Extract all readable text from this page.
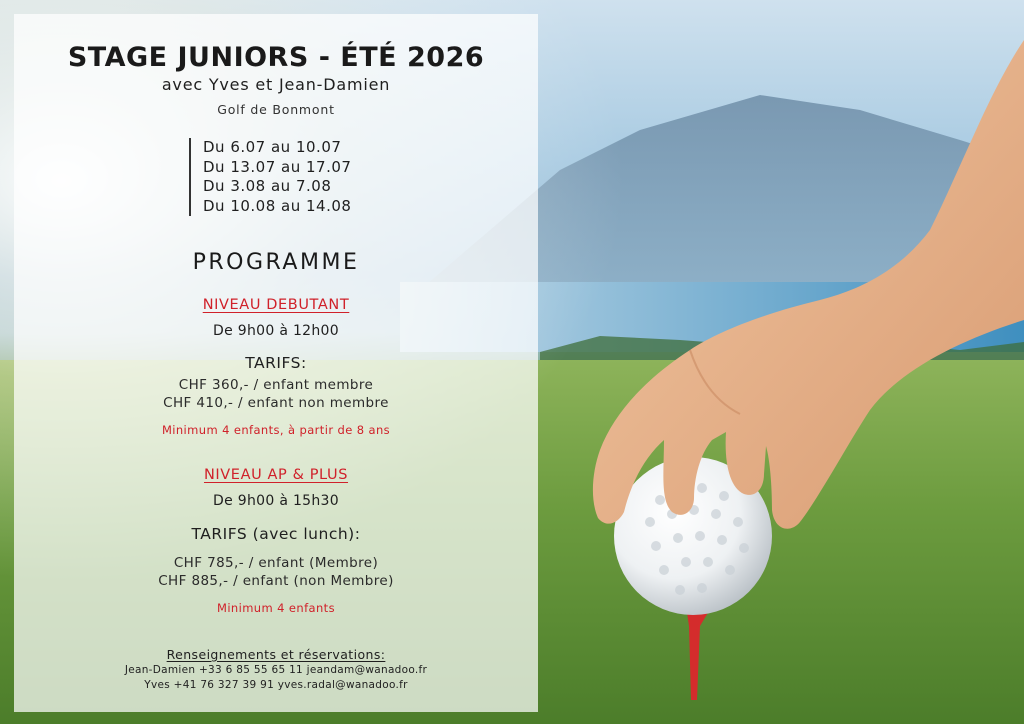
STAGE JUNIORS - ÉTÉ 2026
avec Yves et Jean-Damien
Golf de Bonmont
Du 6.07 au 10.07
Du 13.07 au 17.07
Du 3.08 au 7.08
Du 10.08 au 14.08
PROGRAMME
NIVEAU DEBUTANT
De 9h00 à 12h00
TARIFS:
CHF 360,- / enfant membre
CHF 410,- / enfant non membre
Minimum 4 enfants, à partir de 8 ans
NIVEAU AP & PLUS
De 9h00 à 15h30
TARIFS (avec lunch):
CHF 785,- / enfant (Membre)
CHF 885,- / enfant (non Membre)
Minimum 4 enfants
Renseignements et réservations:
Jean-Damien +33 6 85 55 65 11 jeandam@wanadoo.fr
Yves +41 76 327 39 91 yves.radal@wanadoo.fr
